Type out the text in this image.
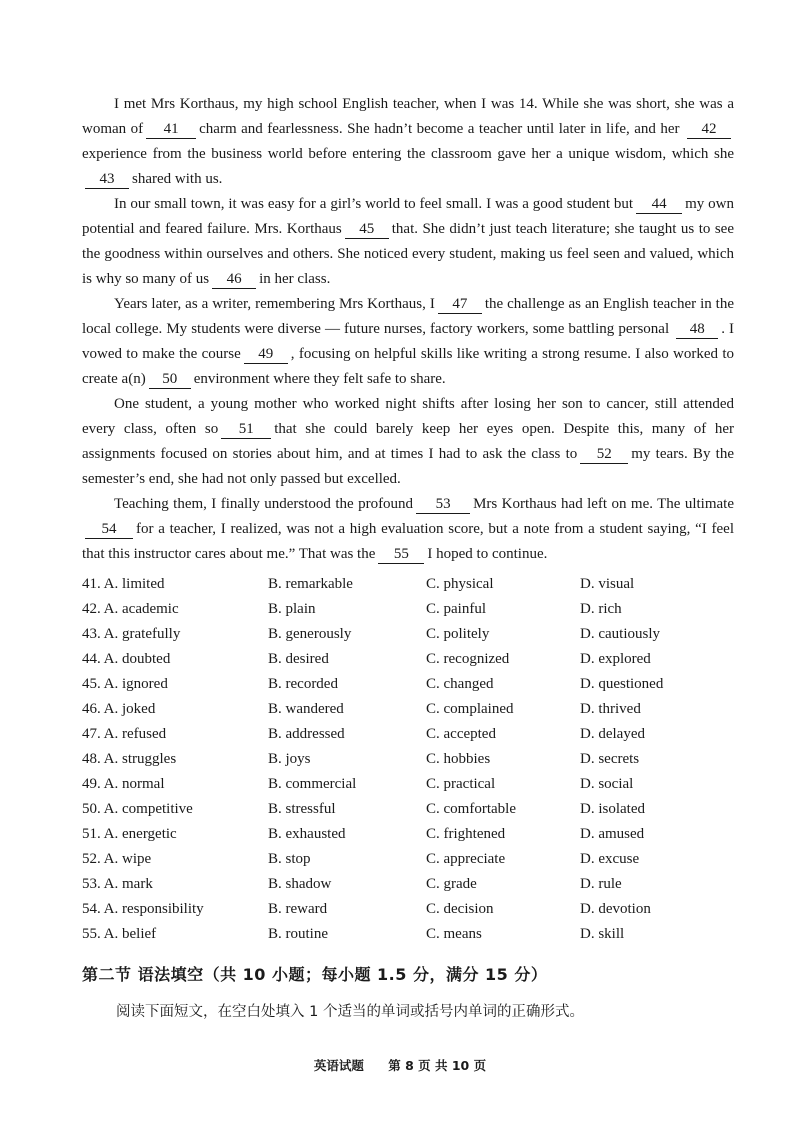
I met Mrs Korthaus, my high school English teacher, when I was 14. While she was short, she was a woman of 41 charm and fearlessness. She hadn’t become a teacher until later in life, and her 42experience from the business world before entering the classroom gave her a unique wisdom, which she43 shared with us.

In our small town, it was easy for a girl’s world to feel small. I was a good student but 44 my own potential and feared failure. Mrs. Korthaus 45 that. She didn’t just teach literature; she taught us to see the goodness within ourselves and others. She noticed every student, making us feel seen and valued, which is why so many of us 46 in her class.

Years later, as a writer, remembering Mrs Korthaus, I 47 the challenge as an English teacher in the local college. My students were diverse — future nurses, factory workers, some battling personal 48 . I vowed to make the course 49 , focusing on helpful skills like writing a strong resume. I also worked to create a(n) 50 environment where they felt safe to share.

One student, a young mother who worked night shifts after losing her son to cancer, still attended every class, often so 51 that she could barely keep her eyes open. Despite this, many of her assignments focused on stories about him, and at times I had to ask the class to 52 my tears. By the semester’s end, she had not only passed but excelled.

Teaching them, I finally understood the profound 53 Mrs Korthaus had left on me. The ultimate54 for a teacher, I realized, was not a high evaluation score, but a note from a student saying, “I feel that this instructor cares about me.” That was the 55 I hoped to continue.

41. A. limited	B. remarkable	C. physical	D. visual
42. A. academic	B. plain	C. painful	D. rich
43. A. gratefully	B. generously	C. politely	D. cautiously
44. A. doubted	B. desired	C. recognized	D. explored
45. A. ignored	B. recorded	C. changed	D. questioned
46. A. joked	B. wandered	C. complained	D. thrived
47. A. refused	B. addressed	C. accepted	D. delayed
48. A. struggles	B. joys	C. hobbies	D. secrets
49. A. normal	B. commercial	C. practical	D. social
50. A. competitive	B. stressful	C. comfortable	D. isolated
51. A. energetic	B. exhausted	C. frightened	D. amused
52. A. wipe	B. stop	C. appreciate	D. excuse
53. A. mark	B. shadow	C. grade	D. rule
54. A. responsibility	B. reward	C. decision	D. devotion
55. A. belief	B. routine	C. means	D. skill
第二节 语法填空（共 10 小题；每小题 1.5 分，满分 15 分）
阅读下面短文，在空白处填入 1 个适当的单词或括号内单词的正确形式。
英语试题 第 8 页 共 10 页
